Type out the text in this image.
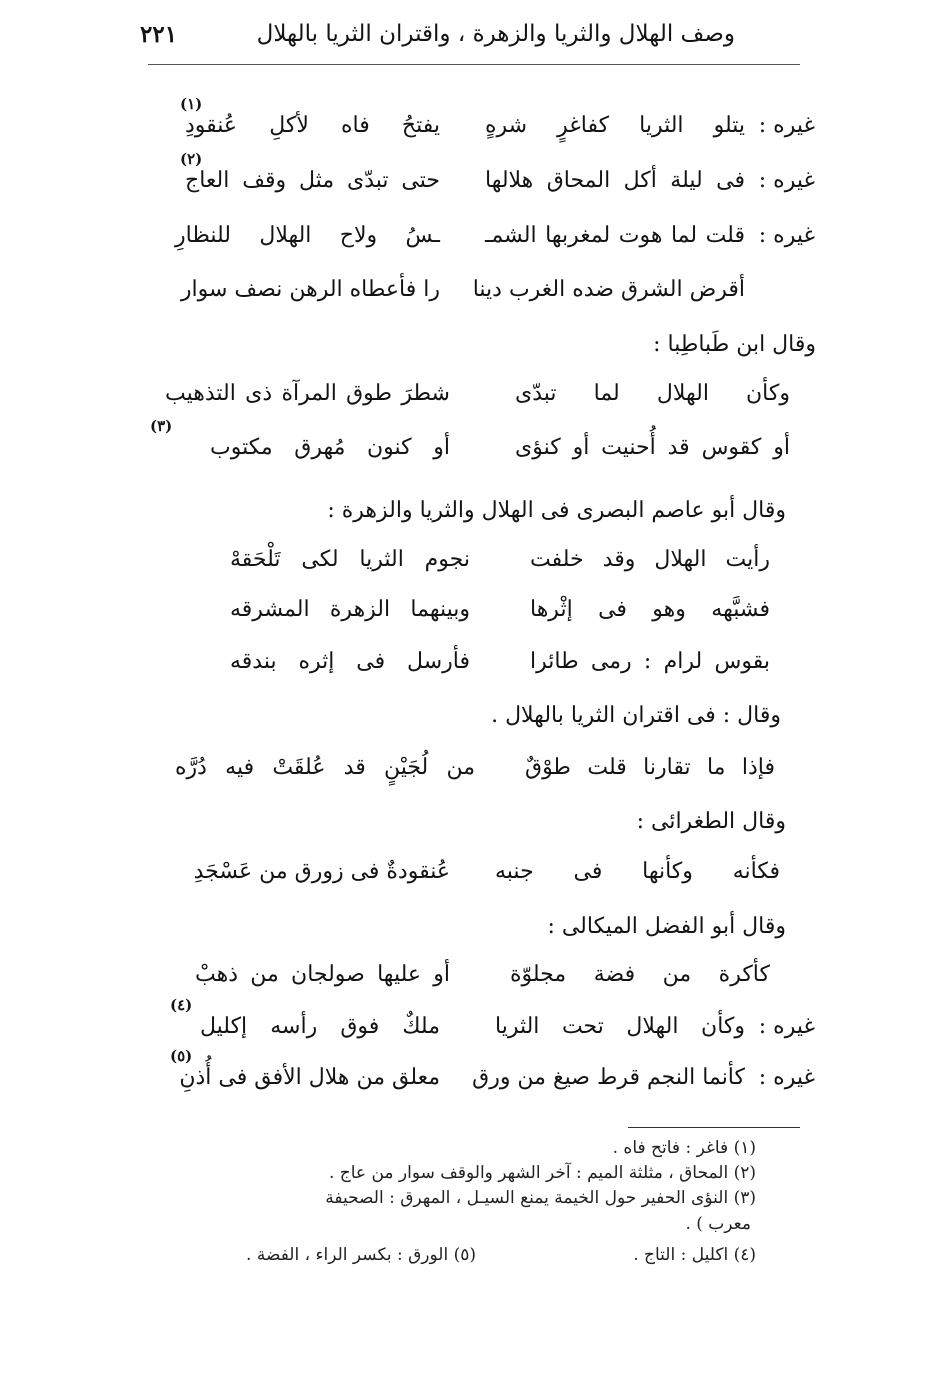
وصف الهلال والثريا والزهرة ، واقتران الثريا بالهلال
۲۲۱
غيره :
يتلو الثريا كفاغرٍ شرهٍ
يفتحُ فاه لأكلِ عُنقودِ
(١)
غيره :
فى ليلة أكل المحاق هلالها
حتى تبدّى مثل وقف العاج
(٢)
غيره :
قلت لما هوت لمغربها الشمـ
ـسُ ولاح الهلال للنظارِ
أقرض الشرق ضده الغرب دينا
را فأعطاه الرهن نصف سوار
وقال ابن طَباطِبا :
وكأن الهلال لما تبدّى
شطرَ طوق المرآة ذى التذهيب
أو كقوس قد أُحنيت أو كنؤى
أو كنون مُهرق مكتوب
(٣)
وقال أبو عاصم البصرى فى الهلال والثريا والزهرة :
رأيت الهلال وقد خلفت
نجوم الثريا لكى تَلْحَقهْ
فشبَّهه وهو فى إثْرها
وبينهما الزهرة المشرقه
بقوس لرام : رمى طائرا
فأرسل فى إثره بندقه
وقال : فى اقتران الثريا بالهلال .
فإذا ما تقارنا قلت طوْقٌ
من لُجَيْنٍ قد عُلقَتْ فيه دُرَّه
وقال الطغرائى :
فكأنه وكأنها فى جنبه
عُنقودةٌ فى زورق من عَسْجَدِ
وقال أبو الفضل الميكالى :
كأكرة من فضة مجلوّة
أو عليها صولجان من ذهبْ
غيره :
وكأن الهلال تحت الثريا
ملكٌ فوق رأسه إكليل
(٤)
غيره :
كأنما النجم قرط صيغ من ورق
معلق من هلال الأفق فى أُذنِ
(٥)
(١) فاغر : فاتح فاه .
(٢) المحاق ، مثلثة الميم : آخر الشهر والوقف سوار من عاج .
(٣) النؤى الحفير حول الخيمة يمنع السيـل ، المهرق : الصحيفة
معرب ) .
(٤) اكليل : التاج .
(٥) الورق : بكسر الراء ، الفضة .
